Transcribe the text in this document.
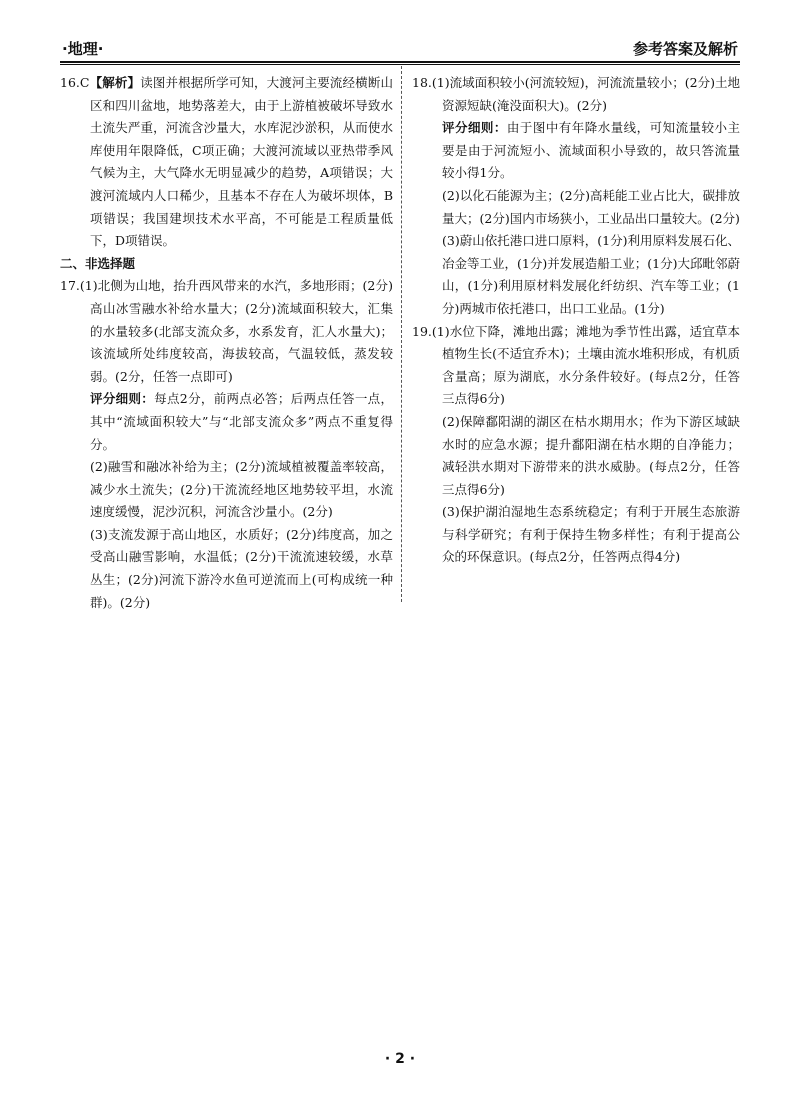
·地理·	参考答案及解析

16.C【解析】读图并根据所学可知，大渡河主要流经横断山区和四川盆地，地势落差大，由于上游植被破坏导致水土流失严重，河流含沙量大，水库泥沙淤积，从而使水库使用年限降低，C项正确；大渡河流域以亚热带季风气候为主，大气降水无明显减少的趋势，A项错误；大渡河流域内人口稀少，且基本不存在人为破坏坝体，B项错误；我国建坝技术水平高，不可能是工程质量低下，D项错误。

二、非选择题

17.(1)北侧为山地，抬升西风带来的水汽，多地形雨；(2分)高山冰雪融水补给水量大；(2分)流域面积较大，汇集的水量较多(北部支流众多，水系发育，汇人水量大)；该流域所处纬度较高，海拔较高，气温较低，蒸发较弱。(2分，任答一点即可)

评分细则：每点2分，前两点必答；后两点任答一点，其中“流域面积较大”与“北部支流众多”两点不重复得分。

(2)融雪和融冰补给为主；(2分)流域植被覆盖率较高，减少水土流失；(2分)干流流经地区地势较平坦，水流速度缓慢，泥沙沉积，河流含沙量小。(2分)

(3)支流发源于高山地区，水质好；(2分)纬度高，加之受高山融雪影响，水温低；(2分)干流流速较缓，水草丛生；(2分)河流下游冷水鱼可逆流而上(可构成统一种群)。(2分)

18.(1)流域面积较小(河流较短)，河流流量较小；(2分)土地资源短缺(淹没面积大)。(2分)

评分细则：由于图中有年降水量线，可知流量较小主要是由于河流短小、流域面积小导致的，故只答流量较小得1分。

(2)以化石能源为主；(2分)高耗能工业占比大，碳排放量大；(2分)国内市场狭小，工业品出口量较大。(2分)

(3)蔚山依托港口进口原料，(1分)利用原料发展石化、冶金等工业，(1分)并发展造船工业；(1分)大邱毗邻蔚山，(1分)利用原材料发展化纤纺织、汽车等工业；(1分)两城市依托港口，出口工业品。(1分)

19.(1)水位下降，滩地出露；滩地为季节性出露，适宜草本植物生长(不适宜乔木)；土壤由流水堆积形成，有机质含量高；原为湖底，水分条件较好。(每点2分，任答三点得6分)

(2)保障鄱阳湖的湖区在枯水期用水；作为下游区域缺水时的应急水源；提升鄱阳湖在枯水期的自净能力；减轻洪水期对下游带来的洪水威胁。(每点2分，任答三点得6分)

(3)保护湖泊湿地生态系统稳定；有利于开展生态旅游与科学研究；有利于保持生物多样性；有利于提高公众的环保意识。(每点2分，任答两点得4分)

· 2 ·
